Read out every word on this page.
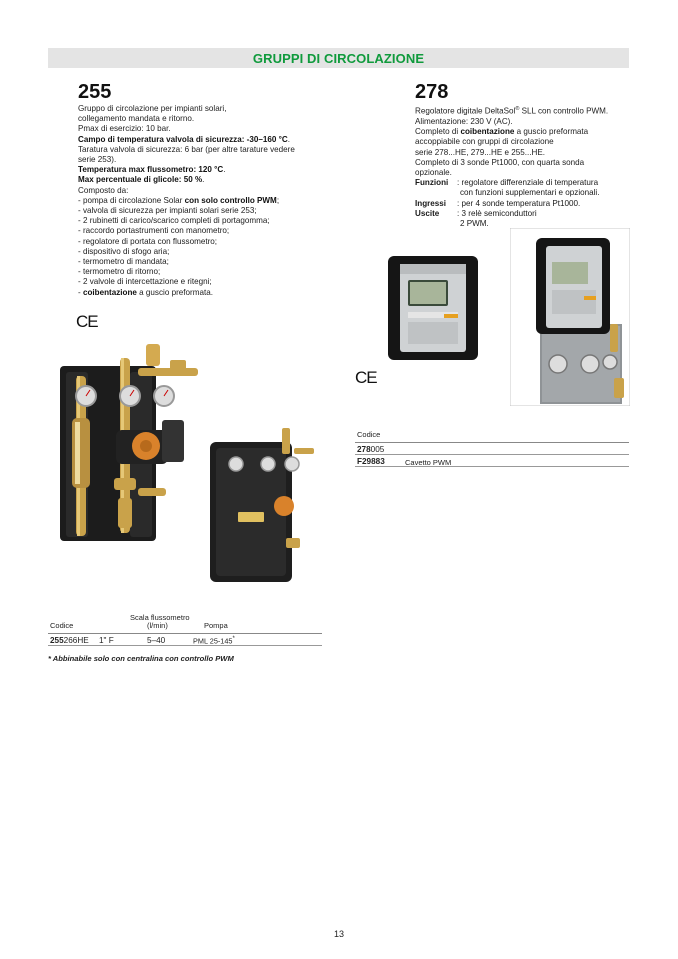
GRUPPI DI CIRCOLAZIONE
255
Gruppo di circolazione per impianti solari,
collegamento mandata e ritorno.
Pmax di esercizio: 10 bar.
Campo di temperatura valvola di sicurezza: -30–160 °C.
Taratura valvola di sicurezza: 6 bar (per altre tarature vedere
serie 253).
Temperatura max flussometro: 120 °C.
Max percentuale di glicole: 50 %.
Composto da:
- pompa di circolazione Solar con solo controllo PWM;
- valvola di sicurezza per impianti solari serie 253;
- 2 rubinetti di carico/scarico completi di portagomma;
- raccordo portastrumenti con manometro;
- regolatore di portata con flussometro;
- dispositivo di sfogo aria;
- termometro di mandata;
- termometro di ritorno;
- 2 valvole di intercettazione e ritegni;
- coibentazione a guscio preformata.
CE
Codice
Scala flussometro
(l/min)	Pompa
255266HE 1" F	5–40	PML 25-145*
* Abbinabile solo con centralina con controllo PWM
278
Regolatore digitale DeltaSol® SLL con controllo PWM.
Alimentazione: 230 V (AC).
Completo di coibentazione a guscio preformata
accoppiabile con gruppi di circolazione
serie 278...HE, 279...HE e 255...HE.
Completo di 3 sonde Pt1000, con quarta sonda
opzionale.
Funzioni	: regolatore differenziale di temperatura
con funzioni supplementari e opzionali.
Ingressi	: per 4 sonde temperatura Pt1000.
Uscite	: 3 relè semiconduttori
2 PWM.
CE
Codice
278005
F29883	Cavetto PWM
13
